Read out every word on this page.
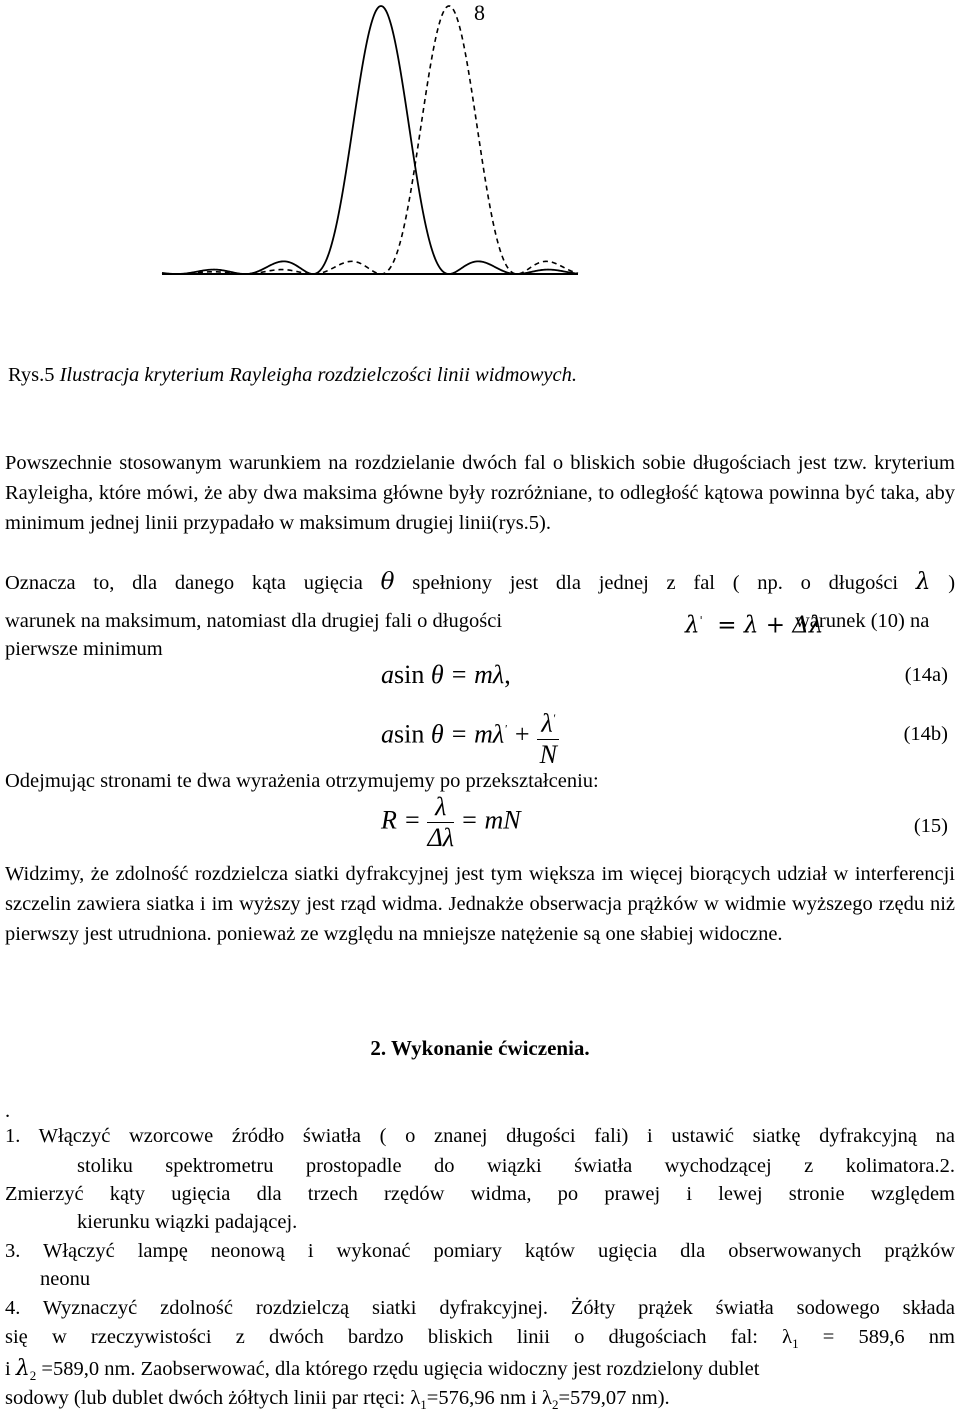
8
Rys.5 Ilustracja kryterium Rayleigha rozdzielczości linii widmowych.
Powszechnie stosowanym warunkiem na rozdzielanie dwóch fal o bliskich sobie długościach jest tzw. kryterium Rayleigha, które mówi, że aby dwa maksima główne były rozróżniane, to odległość kątowa powinna być taka, aby minimum jednej linii przypadało w maksimum drugiej linii(rys.5).
Oznacza to, dla danego kąta ugięcia θ spełniony jest dla jednej z fal ( np. o długości λ )
warunek na maksimum, natomiast dla drugiej fali o długości	λ'  = λ + Δλ
warunek (10) na
pierwsze minimum
asin θ = mλ,	(14a)
asin $\theta = m\lambda' + \frac{\lambda'}{N}$	(14b)
Odejmując stronami te dwa wyrażenia otrzymujemy po przekształceniu:
$R = \frac{\lambda}{\Delta\lambda}$ = mN	(15)
Widzimy, że zdolność rozdzielcza siatki dyfrakcyjnej jest tym większa im więcej biorących udział w interferencji szczelin zawiera siatka i im wyższy jest rząd widma. Jednakże obserwacja prążków w widmie wyższego rzędu niż pierwszy jest utrudniona. ponieważ ze względu na mniejsze natężenie są one słabiej widoczne.
2. Wykonanie ćwiczenia.
.
1. Włączyć wzorcowe źródło światła ( o znanej długości fali) i ustawić siatkę dyfrakcyjną na
stoliku spektrometru prostopadle do wiązki światła wychodzącej z kolimatora.2.
Zmierzyć kąty ugięcia dla trzech rzędów widma, po prawej i lewej stronie względem
kierunku wiązki padającej.
3. Włączyć lampę neonową i wykonać pomiary kątów ugięcia dla obserwowanych prążków
neonu
4. Wyznaczyć zdolność rozdzielczą siatki dyfrakcyjnej. Żółty prążek światła sodowego składa
się w rzeczywistości z dwóch bardzo bliskich linii o długościach fal: $\lambda_1 = 589,6$ nm
i $\lambda_2 =589,0$ nm. Zaobserwować, dla którego rzędu ugięcia widoczny jest rozdzielony dublet
sodowy (lub dublet dwóch żółtych linii par rtęci: $\lambda_1=576,96$ nm i $\lambda_2=579,07$ nm).
